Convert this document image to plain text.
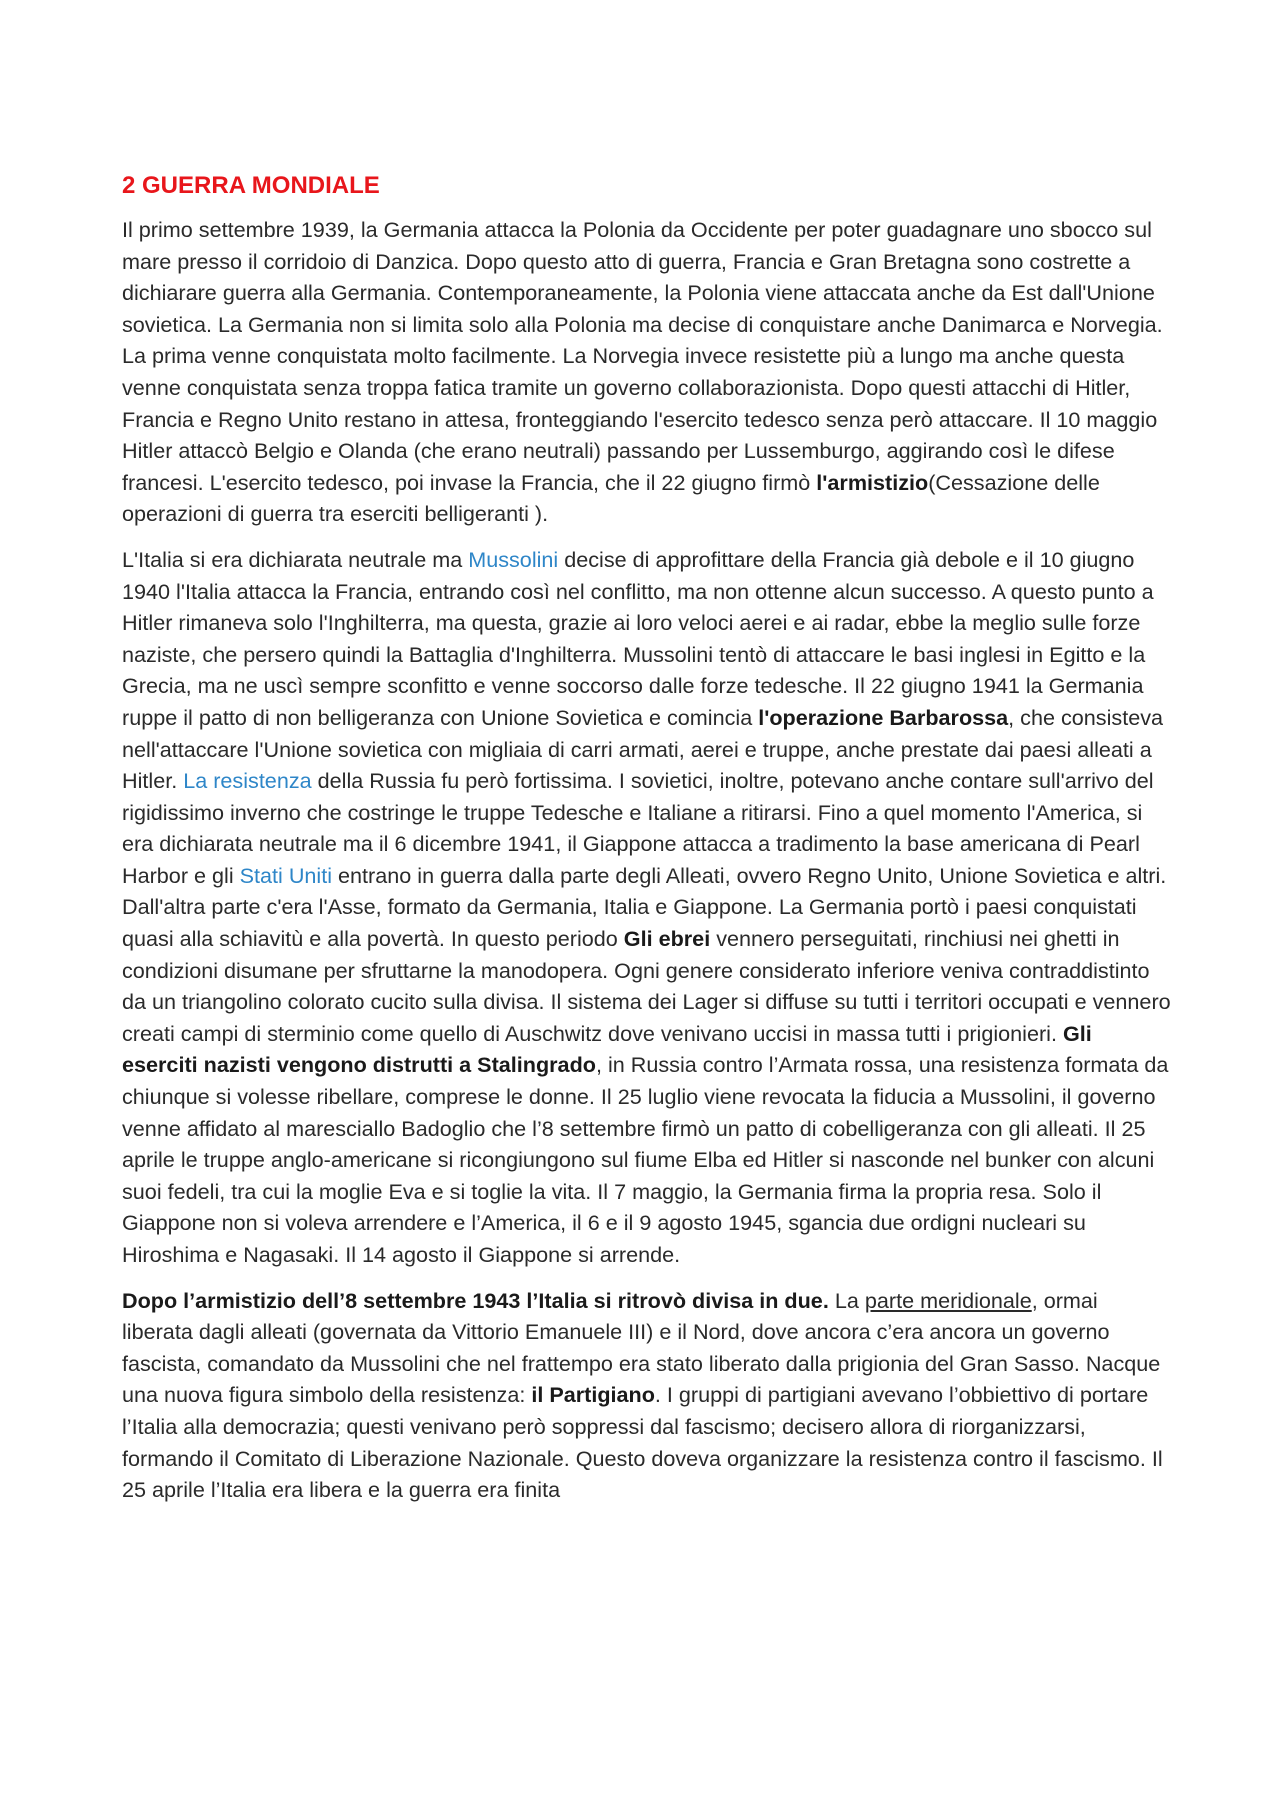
2 GUERRA MONDIALE

Il primo settembre 1939, la Germania attacca la Polonia da Occidente per poter guadagnare uno sbocco sul mare presso il corridoio di Danzica. Dopo questo atto di guerra, Francia e Gran Bretagna sono costrette a dichiarare guerra alla Germania. Contemporaneamente, la Polonia viene attaccata anche da Est dall'Unione sovietica. La Germania non si limita solo alla Polonia ma decise di conquistare anche Danimarca e Norvegia. La prima venne conquistata molto facilmente. La Norvegia invece resistette più a lungo ma anche questa venne conquistata senza troppa fatica tramite un governo collaborazionista. Dopo questi attacchi di Hitler, Francia e Regno Unito restano in attesa, fronteggiando l'esercito tedesco senza però attaccare. Il 10 maggio Hitler attaccò Belgio e Olanda (che erano neutrali) passando per Lussemburgo, aggirando così le difese francesi. L'esercito tedesco, poi invase la Francia, che il 22 giugno firmò l'armistizio(Cessazione delle operazioni di guerra tra eserciti belligeranti ).

L'Italia si era dichiarata neutrale ma Mussolini decise di approfittare della Francia già debole e il 10 giugno 1940 l'Italia attacca la Francia, entrando così nel conflitto, ma non ottenne alcun successo. A questo punto a Hitler rimaneva solo l'Inghilterra, ma questa, grazie ai loro veloci aerei e ai radar, ebbe la meglio sulle forze naziste, che persero quindi la Battaglia d'Inghilterra. Mussolini tentò di attaccare le basi inglesi in Egitto e la Grecia, ma ne uscì sempre sconfitto e venne soccorso dalle forze tedesche. Il 22 giugno 1941 la Germania ruppe il patto di non belligeranza con Unione Sovietica e comincia l'operazione Barbarossa, che consisteva nell'attaccare l'Unione sovietica con migliaia di carri armati, aerei e truppe, anche prestate dai paesi alleati a Hitler. La resistenza della Russia fu però fortissima. I sovietici, inoltre, potevano anche contare sull'arrivo del rigidissimo inverno che costringe le truppe Tedesche e Italiane a ritirarsi. Fino a quel momento l'America, si era dichiarata neutrale ma il 6 dicembre 1941, il Giappone attacca a tradimento la base americana di Pearl Harbor e gli Stati Uniti entrano in guerra dalla parte degli Alleati, ovvero Regno Unito, Unione Sovietica e altri. Dall'altra parte c'era l'Asse, formato da Germania, Italia e Giappone. La Germania portò i paesi conquistati quasi alla schiavitù e alla povertà. In questo periodo Gli ebrei vennero perseguitati, rinchiusi nei ghetti in condizioni disumane per sfruttarne la manodopera. Ogni genere considerato inferiore veniva contraddistinto da un triangolino colorato cucito sulla divisa. Il sistema dei Lager si diffuse su tutti i territori occupati e vennero creati campi di sterminio come quello di Auschwitz dove venivano uccisi in massa tutti i prigionieri. Gli eserciti nazisti vengono distrutti a Stalingrado, in Russia contro l’Armata rossa, una resistenza formata da chiunque si volesse ribellare, comprese le donne. Il 25 luglio viene revocata la fiducia a Mussolini, il governo venne affidato al maresciallo Badoglio che l’8 settembre firmò un patto di cobelligeranza con gli alleati. Il 25 aprile le truppe anglo-americane si ricongiungono sul fiume Elba ed Hitler si nasconde nel bunker con alcuni suoi fedeli, tra cui la moglie Eva e si toglie la vita. Il 7 maggio, la Germania firma la propria resa. Solo il Giappone non si voleva arrendere e l’America, il 6 e il 9 agosto 1945, sgancia due ordigni nucleari su Hiroshima e Nagasaki. Il 14 agosto il Giappone si arrende.

Dopo l’armistizio dell’8 settembre 1943 l’Italia si ritrovò divisa in due. La parte meridionale, ormai liberata dagli alleati (governata da Vittorio Emanuele III) e il Nord, dove ancora c’era ancora un governo fascista, comandato da Mussolini che nel frattempo era stato liberato dalla prigionia del Gran Sasso. Nacque una nuova figura simbolo della resistenza: il Partigiano. I gruppi di partigiani avevano l’obbiettivo di portare l’Italia alla democrazia; questi venivano però soppressi dal fascismo; decisero allora di riorganizzarsi, formando il Comitato di Liberazione Nazionale. Questo doveva organizzare la resistenza contro il fascismo. Il 25 aprile l’Italia era libera e la guerra era finita
